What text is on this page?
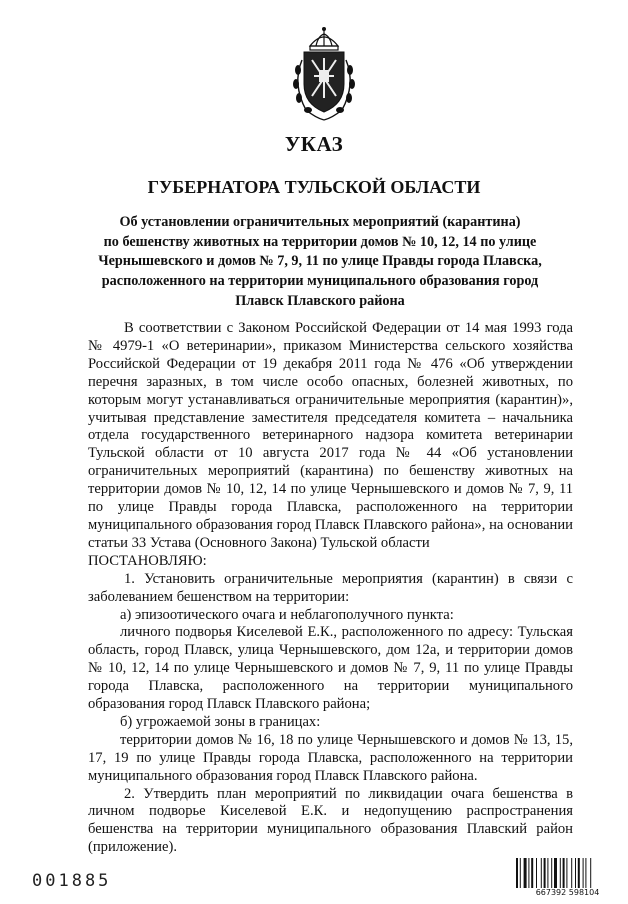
УКАЗ
ГУБЕРНАТОРА ТУЛЬСКОЙ ОБЛАСТИ
Об установлении ограничительных мероприятий (карантина)
по бешенству животных на территории домов № 10, 12, 14 по улице
Чернышевского и домов № 7, 9, 11 по улице Правды города Плавска,
расположенного на территории муниципального образования город
Плавск Плавского района

В соответствии с Законом Российской Федерации от 14 мая 1993 года № 4979-1 «О ветеринарии», приказом Министерства сельского хозяйства Российской Федерации от 19 декабря 2011 года № 476 «Об утверждении перечня заразных, в том числе особо опасных, болезней животных, по которым могут устанавливаться ограничительные мероприятия (карантин)», учитывая представление заместителя председателя комитета – начальника отдела государственного ветеринарного надзора комитета ветеринарии Тульской области от 10 августа 2017 года № 44 «Об установлении ограничительных мероприятий (карантина) по бешенству животных на территории домов № 10, 12, 14 по улице Чернышевского и домов № 7, 9, 11 по улице Правды города Плавска, расположенного на территории муниципального образования город Плавск Плавского района», на основании статьи 33 Устава (Основного Закона) Тульской области

ПОСТАНОВЛЯЮ:

1. Установить ограничительные мероприятия (карантин) в связи с заболеванием бешенством на территории:

а) эпизоотического очага и неблагополучного пункта:

личного подворья Киселевой Е.К., расположенного по адресу: Тульская область, город Плавск, улица Чернышевского, дом 12а, и территории домов № 10, 12, 14 по улице Чернышевского и домов № 7, 9, 11 по улице Правды города Плавска, расположенного на территории муниципального образования город Плавск Плавского района;

б) угрожаемой зоны в границах:

территории домов № 16, 18 по улице Чернышевского и домов № 13, 15, 17, 19 по улице Правды города Плавска, расположенного на территории муниципального образования город Плавск Плавского района.

2. Утвердить план мероприятий по ликвидации очага бешенства в личном подворье Киселевой Е.К. и недопущению распространения бешенства на территории муниципального образования Плавский район (приложение).

001885
667392 598104
